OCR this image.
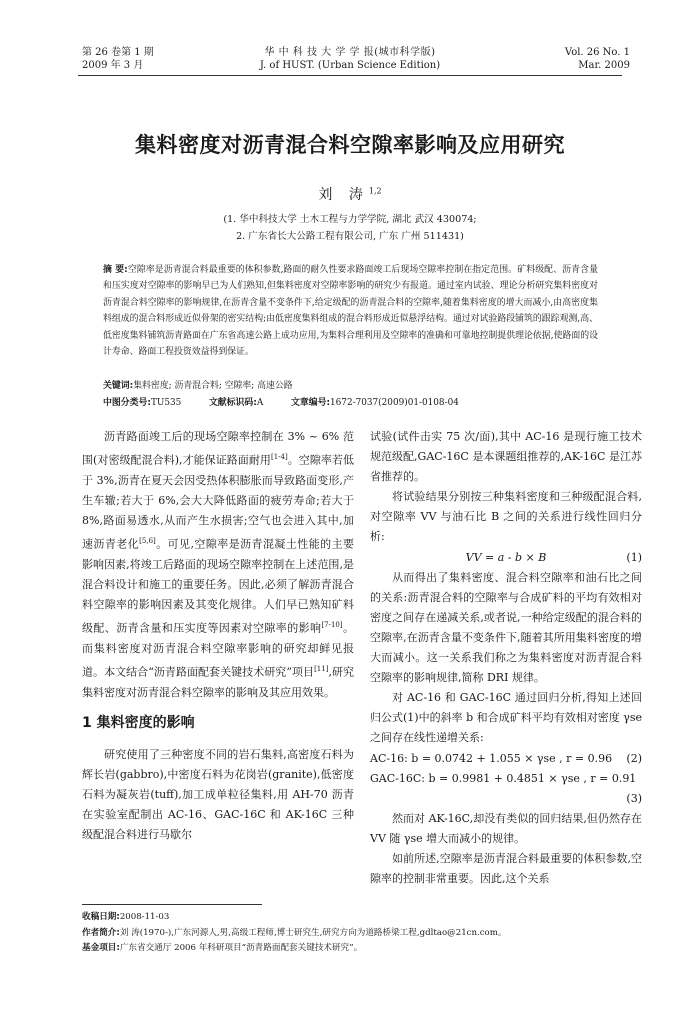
第 26 卷第 1 期
2009 年 3 月
华 中 科 技 大 学 学 报(城市科学版)
J. of HUST. (Urban Science Edition)
Vol. 26 No. 1
Mar. 2009
集料密度对沥青混合料空隙率影响及应用研究
刘 涛$^{1,2}$
(1. 华中科技大学 土木工程与力学学院, 湖北 武汉 430074;
2. 广东省长大公路工程有限公司, 广东 广州 511431)
摘 要:空隙率是沥青混合料最重要的体积参数,路面的耐久性要求路面竣工后现场空隙率控制在指定范围。矿料级配、沥青含量和压实度对空隙率的影响早已为人们熟知,但集料密度对空隙率影响的研究少有报道。通过室内试验、理论分析研究集料密度对沥青混合料空隙率的影响规律,在沥青含量不变条件下,给定级配的沥青混合料的空隙率,随着集料密度的增大而减小,由高密度集料组成的混合料形成近似骨架的密实结构;由低密度集料组成的混合料形成近似悬浮结构。通过对试验路段铺筑的跟踪观测,高、低密度集料铺筑沥青路面在广东省高速公路上成功应用,为集料合理利用及空隙率的准确和可靠地控制提供理论依据,使路面的设计寿命、路面工程投资效益得到保证。
关键词:集料密度; 沥青混合料; 空隙率; 高速公路
中图分类号:TU535	文献标识码:A	文章编号:1672-7037(2009)01-0108-04

沥青路面竣工后的现场空隙率控制在 3% ~ 6% 范围(对密级配混合料),才能保证路面耐用[1-4]。空隙率若低于 3%,沥青在夏天会因受热体积膨胀而导致路面变形,产生车辙;若大于 6%,会大大降低路面的疲劳寿命;若大于 8%,路面易透水,从而产生水损害;空气也会进入其中,加速沥青老化[5,6]。可见,空隙率是沥青混凝土性能的主要影响因素,将竣工后路面的现场空隙率控制在上述范围,是混合料设计和施工的重要任务。因此,必须了解沥青混合料空隙率的影响因素及其变化规律。人们早已熟知矿料级配、沥青含量和压实度等因素对空隙率的影响[7-10]。而集料密度对沥青混合料空隙率影响的研究却鲜见报道。本文结合“沥青路面配套关键技术研究”项目[11],研究集料密度对沥青混合料空隙率的影响及其应用效果。

1 集料密度的影响

研究使用了三种密度不同的岩石集料,高密度石料为辉长岩(gabbro),中密度石料为花岗岩(granite),低密度石料为凝灰岩(tuff),加工成单粒径集料,用 AH-70 沥青在实验室配制出 AC-16、GAC-16C 和 AK-16C 三种级配混合料进行马歇尔

试验(试件击实 75 次/面),其中 AC-16 是现行施工技术规范级配,GAC-16C 是本课题组推荐的,AK-16C 是江苏省推荐的。

将试验结果分别按三种集料密度和三种级配混合料,对空隙率 VV 与油石比 B 之间的关系进行线性回归分析:

VV = a - b × B	(1)

从而得出了集料密度、混合料空隙率和油石比之间的关系:沥青混合料的空隙率与合成矿料的平均有效相对密度之间存在递减关系,或者说,一种给定级配的混合料的空隙率,在沥青含量不变条件下,随着其所用集料密度的增大而减小。这一关系我们称之为集料密度对沥青混合料空隙率的影响规律,简称 DRI 规律。

对 AC-16 和 GAC-16C 通过回归分析,得知上述回归公式(1)中的斜率 b 和合成矿料平均有效相对密度 γse 之间存在线性递增关系:

AC-16: b = 0.0742 + 1.055 × γse , r = 0.96 (2)

GAC-16C: b = 0.9981 + 0.4851 × γse , r = 0.91

(3)

然而对 AK-16C,却没有类似的回归结果,但仍然存在 VV 随 γse 增大而减小的规律。

如前所述,空隙率是沥青混合料最重要的体积参数,空隙率的控制非常重要。因此,这个关系

收稿日期:2008-11-03
作者简介:刘 涛(1970-),广东河源人,男,高级工程师,博士研究生,研究方向为道路桥梁工程,gdltao@21cn.com。
基金项目:广东省交通厅 2006 年科研项目“沥青路面配套关键技术研究”。
